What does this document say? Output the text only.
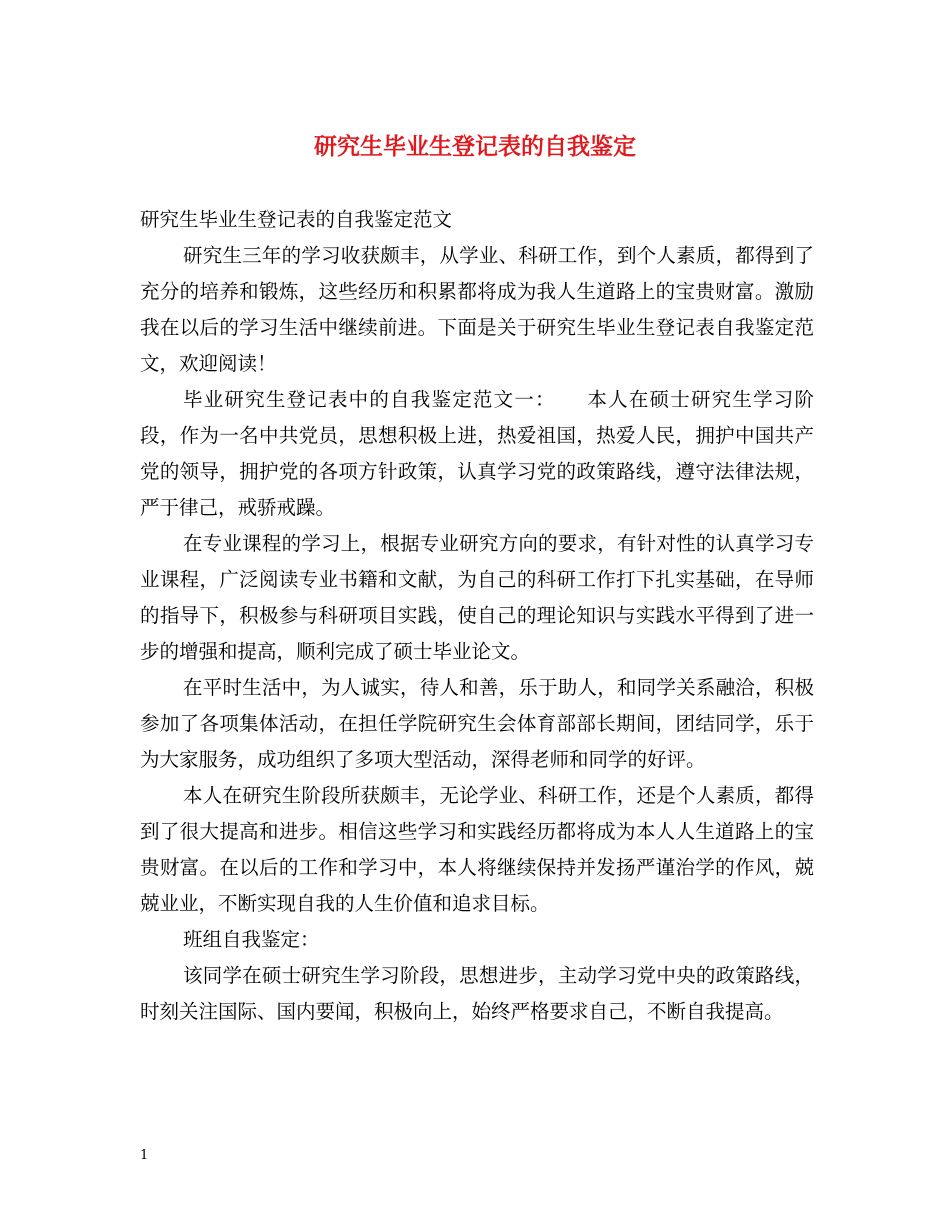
研究生毕业生登记表的自我鉴定

研究生毕业生登记表的自我鉴定范文

研究生三年的学习收获颇丰，从学业、科研工作，到个人素质，都得到了充分的培养和锻炼，这些经历和积累都将成为我人生道路上的宝贵财富。激励我在以后的学习生活中继续前进。下面是关于研究生毕业生登记表自我鉴定范文，欢迎阅读！

毕业研究生登记表中的自我鉴定范文一：　　本人在硕士研究生学习阶段，作为一名中共党员，思想积极上进，热爱祖国，热爱人民，拥护中国共产党的领导，拥护党的各项方针政策，认真学习党的政策路线，遵守法律法规，严于律己，戒骄戒躁。

在专业课程的学习上，根据专业研究方向的要求，有针对性的认真学习专业课程，广泛阅读专业书籍和文献，为自己的科研工作打下扎实基础，在导师的指导下，积极参与科研项目实践，使自己的理论知识与实践水平得到了进一步的增强和提高，顺利完成了硕士毕业论文。

在平时生活中，为人诚实，待人和善，乐于助人，和同学关系融洽，积极参加了各项集体活动，在担任学院研究生会体育部部长期间，团结同学，乐于为大家服务，成功组织了多项大型活动，深得老师和同学的好评。

本人在研究生阶段所获颇丰，无论学业、科研工作，还是个人素质，都得到了很大提高和进步。相信这些学习和实践经历都将成为本人人生道路上的宝贵财富。在以后的工作和学习中，本人将继续保持并发扬严谨治学的作风，兢兢业业，不断实现自我的人生价值和追求目标。

班组自我鉴定：

该同学在硕士研究生学习阶段，思想进步，主动学习党中央的政策路线，时刻关注国际、国内要闻，积极向上，始终严格要求自己，不断自我提高。

1
